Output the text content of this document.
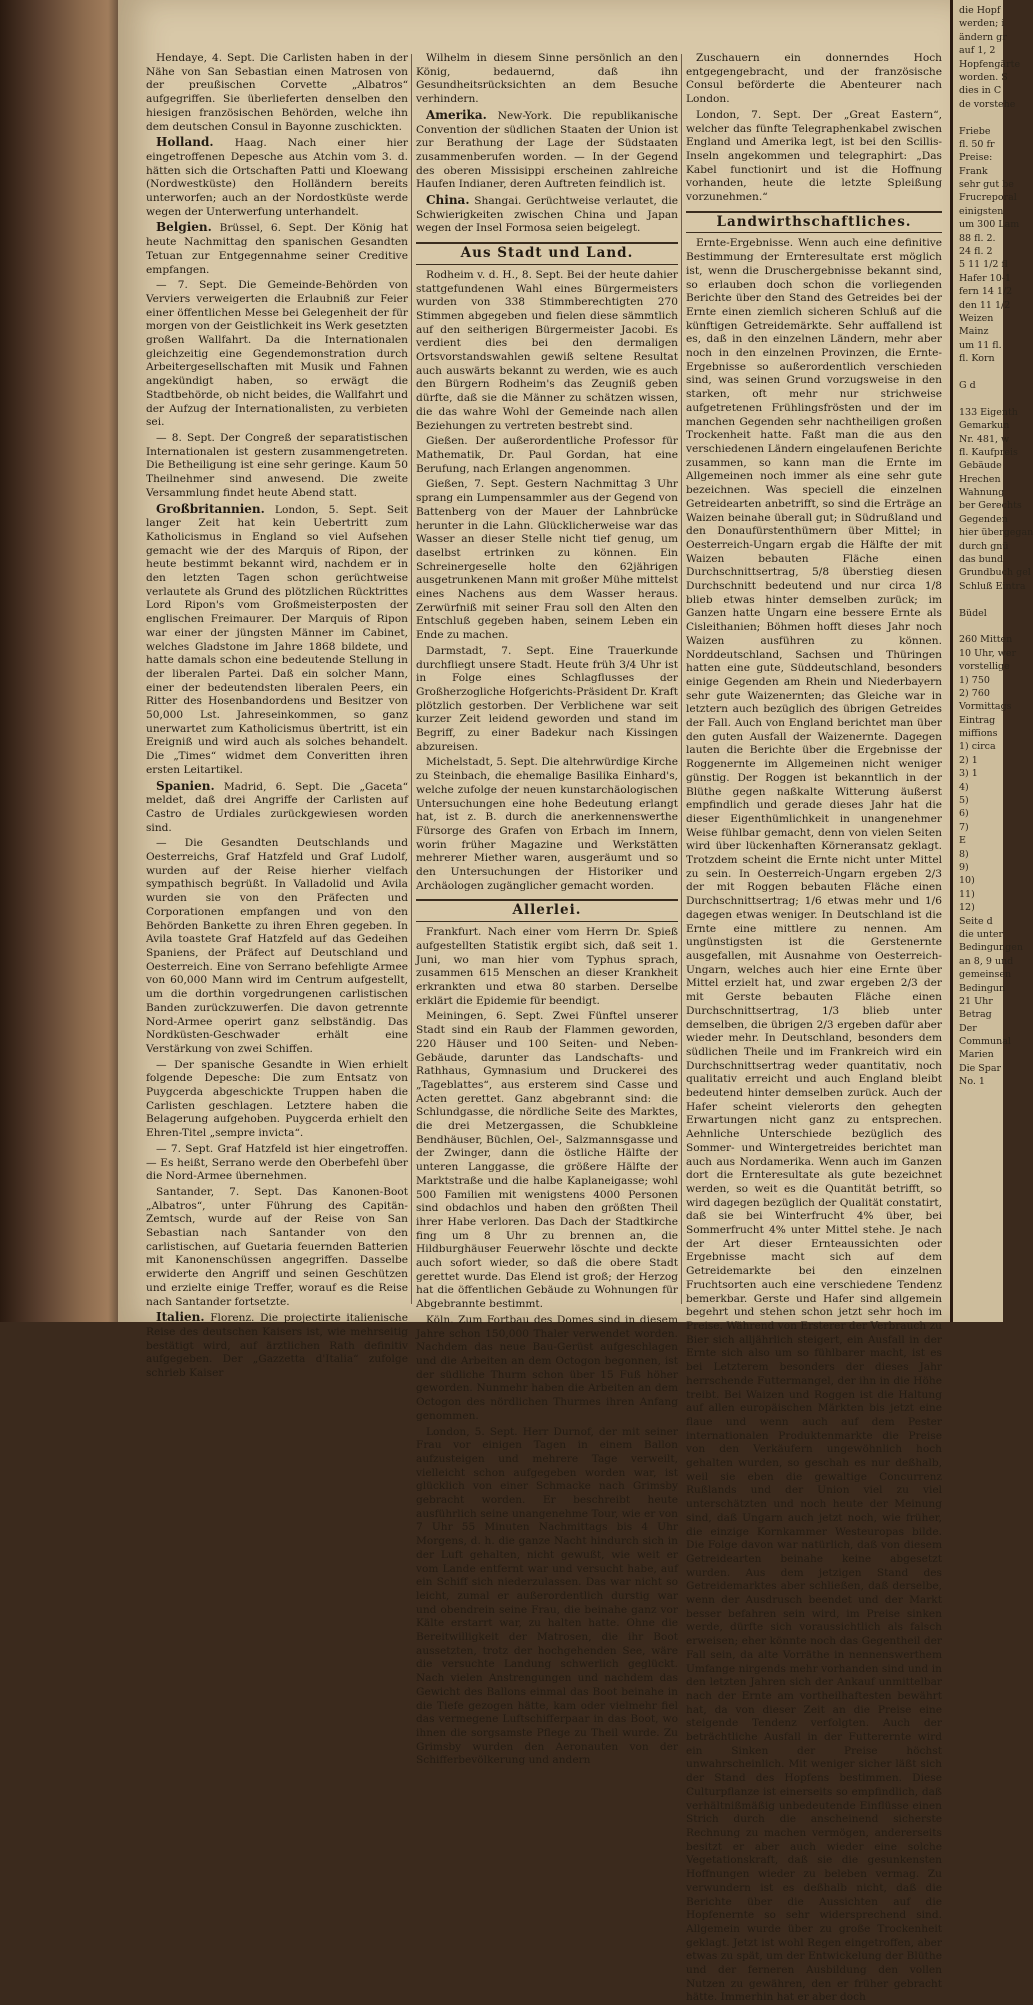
Hendaye, 4. Sept. Die Carlisten haben in der Nähe von San Sebastian einen Matrosen von der preußischen Corvette „Albatros“ aufgegriffen. Sie überlieferten denselben den hiesigen französischen Behörden, welche ihn dem deutschen Consul in Bayonne zuschickten.

Holland. Haag. Nach einer hier eingetroffenen Depesche aus Atchin vom 3. d. hätten sich die Ortschaften Patti und Kloewang (Nordwestküste) den Holländern bereits unterworfen; auch an der Nordostküste werde wegen der Unterwerfung unterhandelt.

Belgien. Brüssel, 6. Sept. Der König hat heute Nachmittag den spanischen Gesandten Tetuan zur Entgegennahme seiner Creditive empfangen.

— 7. Sept. Die Gemeinde-Behörden von Verviers verweigerten die Erlaubniß zur Feier einer öffentlichen Messe bei Gelegenheit der für morgen von der Geistlichkeit ins Werk gesetzten großen Wallfahrt. Da die Internationalen gleichzeitig eine Gegendemonstration durch Arbeitergesellschaften mit Musik und Fahnen angekündigt haben, so erwägt die Stadtbehörde, ob nicht beides, die Wallfahrt und der Aufzug der Internationalisten, zu verbieten sei.

— 8. Sept. Der Congreß der separatistischen Internationalen ist gestern zusammengetreten. Die Betheiligung ist eine sehr geringe. Kaum 50 Theilnehmer sind anwesend. Die zweite Versammlung findet heute Abend statt.

Großbritannien. London, 5. Sept. Seit langer Zeit hat kein Uebertritt zum Katholicismus in England so viel Aufsehen gemacht wie der des Marquis of Ripon, der heute bestimmt bekannt wird, nachdem er in den letzten Tagen schon gerüchtweise verlautete als Grund des plötzlichen Rücktrittes Lord Ripon's vom Großmeisterposten der englischen Freimaurer. Der Marquis of Ripon war einer der jüngsten Männer im Cabinet, welches Gladstone im Jahre 1868 bildete, und hatte damals schon eine bedeutende Stellung in der liberalen Partei. Daß ein solcher Mann, einer der bedeutendsten liberalen Peers, ein Ritter des Hosenbandordens und Besitzer von 50,000 Lst. Jahreseinkommen, so ganz unerwartet zum Katholicismus übertritt, ist ein Ereigniß und wird auch als solches behandelt. Die „Times“ widmet dem Converitten ihren ersten Leitartikel.

Spanien. Madrid, 6. Sept. Die „Gaceta“ meldet, daß drei Angriffe der Carlisten auf Castro de Urdiales zurückgewiesen worden sind.

— Die Gesandten Deutschlands und Oesterreichs, Graf Hatzfeld und Graf Ludolf, wurden auf der Reise hierher vielfach sympathisch begrüßt. In Valladolid und Avila wurden sie von den Präfecten und Corporationen empfangen und von den Behörden Bankette zu ihren Ehren gegeben. In Avila toastete Graf Hatzfeld auf das Gedeihen Spaniens, der Präfect auf Deutschland und Oesterreich. Eine von Serrano befehligte Armee von 60,000 Mann wird im Centrum aufgestellt, um die dorthin vorgedrungenen carlistischen Banden zurückzuwerfen. Die davon getrennte Nord-Armee operirt ganz selbständig. Das Nordküsten-Geschwader erhält eine Verstärkung von zwei Schiffen.

— Der spanische Gesandte in Wien erhielt folgende Depesche: Die zum Entsatz von Puygcerda abgeschickte Truppen haben die Carlisten geschlagen. Letztere haben die Belagerung aufgehoben. Puygcerda erhielt den Ehren-Titel „sempre invicta“.

— 7. Sept. Graf Hatzfeld ist hier eingetroffen. — Es heißt, Serrano werde den Oberbefehl über die Nord-Armee übernehmen.

Santander, 7. Sept. Das Kanonen-Boot „Albatros“, unter Führung des Capitän-Zemtsch, wurde auf der Reise von San Sebastian nach Santander von den carlistischen, auf Guetaria feuernden Batterien mit Kanonenschüssen angegriffen. Dasselbe erwiderte den Angriff und seinen Geschützen und erzielte einige Treffer, worauf es die Reise nach Santander fortsetzte.

Italien. Florenz. Die projectirte italienische Reise des deutschen Kaisers ist, wie mehrseitig bestätigt wird, auf ärztlichen Rath definitiv aufgegeben. Der „Gazzetta d'Italia“ zufolge schrieb Kaiser

Wilhelm in diesem Sinne persönlich an den König, bedauernd, daß ihn Gesundheitsrücksichten an dem Besuche verhindern.

Amerika. New-York. Die republikanische Convention der südlichen Staaten der Union ist zur Berathung der Lage der Südstaaten zusammenberufen worden. — In der Gegend des oberen Missisippi erscheinen zahlreiche Haufen Indianer, deren Auftreten feindlich ist.

China. Shangai. Gerüchtweise verlautet, die Schwierigkeiten zwischen China und Japan wegen der Insel Formosa seien beigelegt.

Aus Stadt und Land.

Rodheim v. d. H., 8. Sept. Bei der heute dahier stattgefundenen Wahl eines Bürgermeisters wurden von 338 Stimmberechtigten 270 Stimmen abgegeben und fielen diese sämmtlich auf den seitherigen Bürgermeister Jacobi. Es verdient dies bei den dermaligen Ortsvorstandswahlen gewiß seltene Resultat auch auswärts bekannt zu werden, wie es auch den Bürgern Rodheim's das Zeugniß geben dürfte, daß sie die Männer zu schätzen wissen, die das wahre Wohl der Gemeinde nach allen Beziehungen zu vertreten bestrebt sind.

Gießen. Der außerordentliche Professor für Mathematik, Dr. Paul Gordan, hat eine Berufung, nach Erlangen angenommen.

Gießen, 7. Sept. Gestern Nachmittag 3 Uhr sprang ein Lumpensammler aus der Gegend von Battenberg von der Mauer der Lahnbrücke herunter in die Lahn. Glücklicherweise war das Wasser an dieser Stelle nicht tief genug, um daselbst ertrinken zu können. Ein Schreinergeselle holte den 62jährigen ausgetrunkenen Mann mit großer Mühe mittelst eines Nachens aus dem Wasser heraus. Zerwürfniß mit seiner Frau soll den Alten den Entschluß gegeben haben, seinem Leben ein Ende zu machen.

Darmstadt, 7. Sept. Eine Trauerkunde durchfliegt unsere Stadt. Heute früh 3/4 Uhr ist in Folge eines Schlagflusses der Großherzogliche Hofgerichts-Präsident Dr. Kraft plötzlich gestorben. Der Verblichene war seit kurzer Zeit leidend geworden und stand im Begriff, zu einer Badekur nach Kissingen abzureisen.

Michelstadt, 5. Sept. Die altehrwürdige Kirche zu Steinbach, die ehemalige Basilika Einhard's, welche zufolge der neuen kunstarchäologischen Untersuchungen eine hohe Bedeutung erlangt hat, ist z. B. durch die anerkennenswerthe Fürsorge des Grafen von Erbach im Innern, worin früher Magazine und Werkstätten mehrerer Miether waren, ausgeräumt und so den Untersuchungen der Historiker und Archäologen zugänglicher gemacht worden.

Allerlei.

Frankfurt. Nach einer vom Herrn Dr. Spieß aufgestellten Statistik ergibt sich, daß seit 1. Juni, wo man hier vom Typhus sprach, zusammen 615 Menschen an dieser Krankheit erkrankten und etwa 80 starben. Derselbe erklärt die Epidemie für beendigt.

Meiningen, 6. Sept. Zwei Fünftel unserer Stadt sind ein Raub der Flammen geworden, 220 Häuser und 100 Seiten- und Neben-Gebäude, darunter das Landschafts- und Rathhaus, Gymnasium und Druckerei des „Tageblattes“, aus ersterem sind Casse und Acten gerettet. Ganz abgebrannt sind: die Schlundgasse, die nördliche Seite des Marktes, die drei Metzergassen, die Schubkleine Bendhäuser, Büchlen, Oel-, Salzmannsgasse und der Zwinger, dann die östliche Hälfte der unteren Langgasse, die größere Hälfte der Marktstraße und die halbe Kaplaneigasse; wohl 500 Familien mit wenigstens 4000 Personen sind obdachlos und haben den größten Theil ihrer Habe verloren. Das Dach der Stadtkirche fing um 8 Uhr zu brennen an, die Hildburghäuser Feuerwehr löschte und deckte auch sofort wieder, so daß die obere Stadt gerettet wurde. Das Elend ist groß; der Herzog hat die öffentlichen Gebäude zu Wohnungen für Abgebrannte bestimmt.

Köln. Zum Fortbau des Domes sind in diesem Jahre schon 150,000 Thaler verwendet worden. Nachdem das neue Bau-Gerüst aufgeschlagen und die Arbeiten an dem Octogon begonnen, ist der südliche Thurm schon über 15 Fuß höher geworden. Nunmehr haben die Arbeiten an dem Octogon des nördlichen Thurmes ihren Anfang genommen.

London, 5. Sept. Herr Durnof, der mit seiner Frau vor einigen Tagen in einem Ballon aufzusteigen und mehrere Tage verweilt, vielleicht schon aufgegeben worden war, ist glücklich von einer Schmacke nach Grimsby gebracht worden. Er beschreibt heute ausführlich seine unangenehme Tour, wie er von 7 Uhr 55 Minuten Nachmittags bis 4 Uhr Morgens, d. h. die ganze Nacht hindurch sich in der Luft gehalten, nicht gewußt, wie weit er vom Lande entfernt war und versucht habe, auf ein Schiff sich niederzulassen. Das war nicht so leicht, zumal er außerordentlich durstig war und obendrein seine Frau, die beinahe ganz vor Kälte erstarrt war, zu halten hatte. Ohne die Bereitwilligkeit der Matrosen, die ihr Boot aussetzten, trotz der hochgehenden See, wäre die versuchte Landung schwerlich geglückt. Nach vielen Anstrengungen und nachdem das Gewicht des Ballons einmal das Boot beinahe in die Tiefe gezogen hätte, kam oder vielmehr fiel das vermegene Luftschifferpaar in das Boot, wo ihnen die sorgsamste Pflege zu Theil wurde. Zu Grimsby wurden den Aeronauten von der Schifferbevölkerung und andern

Zuschauern ein donnerndes Hoch entgegengebracht, und der französische Consul beförderte die Abenteurer nach London.

London, 7. Sept. Der „Great Eastern“, welcher das fünfte Telegraphenkabel zwischen England und Amerika legt, ist bei den Scillis-Inseln angekommen und telegraphirt: „Das Kabel functionirt und ist die Hoffnung vorhanden, heute die letzte Spleißung vorzunehmen.“

Landwirthschaftliches.

Ernte-Ergebnisse. Wenn auch eine definitive Bestimmung der Ernteresultate erst möglich ist, wenn die Druschergebnisse bekannt sind, so erlauben doch schon die vorliegenden Berichte über den Stand des Getreides bei der Ernte einen ziemlich sicheren Schluß auf die künftigen Getreidemärkte. Sehr auffallend ist es, daß in den einzelnen Ländern, mehr aber noch in den einzelnen Provinzen, die Ernte-Ergebnisse so außerordentlich verschieden sind, was seinen Grund vorzugsweise in den starken, oft mehr nur strichweise aufgetretenen Frühlingsfrösten und der im manchen Gegenden sehr nachtheiligen großen Trockenheit hatte. Faßt man die aus den verschiedenen Ländern eingelaufenen Berichte zusammen, so kann man die Ernte im Allgemeinen noch immer als eine sehr gute bezeichnen. Was speciell die einzelnen Getreidearten anbetrifft, so sind die Erträge an Waizen beinahe überall gut; in Südrußland und den Donaufürstenthümern über Mittel; in Oesterreich-Ungarn ergab die Hälfte der mit Waizen bebauten Fläche einen Durchschnittsertrag, 5/8 überstieg diesen Durchschnitt bedeutend und nur circa 1/8 blieb etwas hinter demselben zurück; im Ganzen hatte Ungarn eine bessere Ernte als Cisleithanien; Böhmen hofft dieses Jahr noch Waizen ausführen zu können. Norddeutschland, Sachsen und Thüringen hatten eine gute, Süddeutschland, besonders einige Gegenden am Rhein und Niederbayern sehr gute Waizenernten; das Gleiche war in letztern auch bezüglich des übrigen Getreides der Fall. Auch von England berichtet man über den guten Ausfall der Waizenernte. Dagegen lauten die Berichte über die Ergebnisse der Roggenernte im Allgemeinen nicht weniger günstig. Der Roggen ist bekanntlich in der Blüthe gegen naßkalte Witterung äußerst empfindlich und gerade dieses Jahr hat die dieser Eigenthümlichkeit in unangenehmer Weise fühlbar gemacht, denn von vielen Seiten wird über lückenhaften Körneransatz geklagt. Trotzdem scheint die Ernte nicht unter Mittel zu sein. In Oesterreich-Ungarn ergeben 2/3 der mit Roggen bebauten Fläche einen Durchschnittsertrag; 1/6 etwas mehr und 1/6 dagegen etwas weniger. In Deutschland ist die Ernte eine mittlere zu nennen. Am ungünstigsten ist die Gerstenernte ausgefallen, mit Ausnahme von Oesterreich-Ungarn, welches auch hier eine Ernte über Mittel erzielt hat, und zwar ergeben 2/3 der mit Gerste bebauten Fläche einen Durchschnittsertrag, 1/3 blieb unter demselben, die übrigen 2/3 ergeben dafür aber wieder mehr. In Deutschland, besonders dem südlichen Theile und im Frankreich wird ein Durchschnittsertrag weder quantitativ, noch qualitativ erreicht und auch England bleibt bedeutend hinter demselben zurück. Auch der Hafer scheint vielerorts den gehegten Erwartungen nicht ganz zu entsprechen. Aehnliche Unterschiede bezüglich des Sommer- und Wintergetreides berichtet man auch aus Nordamerika. Wenn auch im Ganzen dort die Ernteresultate als gute bezeichnet werden, so weit es die Quantität betrifft, so wird dagegen bezüglich der Qualität constatirt, daß sie bei Winterfrucht 4% über, bei Sommerfrucht 4% unter Mittel stehe. Je nach der Art dieser Ernteaussichten oder Ergebnisse macht sich auf dem Getreidemarkte bei den einzelnen Fruchtsorten auch eine verschiedene Tendenz bemerkbar. Gerste und Hafer sind allgemein begehrt und stehen schon jetzt sehr hoch im Preise. Während von Ersterer der Verbrauch zu Bier sich alljährlich steigert, ein Ausfall in der Ernte sich also um so fühlbarer macht, ist es bei Letzterem besonders der dieses Jahr herrschende Futtermangel, der ihn in die Höhe treibt. Bei Waizen und Roggen ist die Haltung auf allen europäischen Märkten bis jetzt eine flaue und wenn auch auf dem Pester internationalen Produktenmarkte die Preise von den Verkäufern ungewöhnlich hoch gehalten wurden, so geschah es nur deßhalb, weil sie eben die gewaltige Concurrenz Rußlands und der Union viel zu viel unterschätzten und noch heute der Meinung sind, daß Ungarn auch jetzt noch, wie früher, die einzige Kornkammer Westeuropas bilde. Die Folge davon war natürlich, daß von diesem Getreidearten beinahe keine abgesetzt wurden. Aus dem jetzigen Stand des Getreidemarktes aber schließen, daß derselbe, wenn der Ausdrusch beendet und der Markt besser befahren sein wird, im Preise sinken werde, dürfte sich voraussichtlich als falsch erweisen; eher könnte noch das Gegentheil der Fall sein, da alte Vorräthe in nennenswerthem Umfange nirgends mehr vorhanden sind und in den letzten Jahren sich der Ankauf unmittelbar nach der Ernte am vortheilhaftesten bewährt hat, da von dieser Zeit an die Preise eine steigende Tendenz verfolgten. Auch der beträchtliche Ausfall in der Futterernte wird ein Sinken der Preise höchst unwahrscheinlich. Mit weniger sicher läßt sich der Stand des Hopfens bestimmen. Diese Culturpflanze ist einerseits so empfindlich, daß verhältnißmäßig unbedeutende Einflüsse einen Strich durch die anscheinend sicherste Rechnung zu machen vermögen, andererseits besitzt er aber auch wieder eine solche Vegetationskraft, daß sie die gesunkensten Hoffnungen wieder zu beleben vermag. Zu verwundern ist es deßhalb nicht, daß die Berichte über die Aussichten auf die Hopfenernte so sehr widersprechend sind. Allgemein wurde über zu große Trockenheit geklagt. Jetzt ist wohl Regen eingetroffen, aber etwas zu spät, um der Entwickelung der Blüthe und der ferneren Ausbildung den vollen Nutzen zu gewähren, den er früher gebracht hätte. Immerhin hat er aber doch

die Hopf
werden; i
ändern gr
auf 1, 2
Hopfengärte
worden. S
dies in C
de vorstehe
Friebe
fl. 50 fr
Preise:
Frank
sehr gut be
Frucreporal
einigsten
um 300 Lam
88 fl. 2.
24 fl. 2
5 11 1/2 fl
Hafer 10-1
fern 14 1/2
den 11 1/2
Weizen
Mainz
um 11 fl.
fl. Korn
G d
133 Eigenth
Gemarkun
Nr. 481, w
fl. Kaufpreis
Gebäude
Hrechen
Wahnung
ber Gerechts
Gegenden
hier übergegan
durch gnü
das bund
Grundbuch gel
Schluß Eintra
Büdel
260 Mitten
10 Uhr, wer
vorstellige
1) 750
2) 760
Vormittags
Eintrag
miffions
1) circa
2) 1
3) 1
4)
5)
6)
7)
E
8)
9)
10)
11)
12)
Seite d
die unter
Bedingungen
an 8, 9 und
gemeinsen
Bedingun
21 Uhr
Betrag
Der
Communal
Marien
Die Spar
No. 1
